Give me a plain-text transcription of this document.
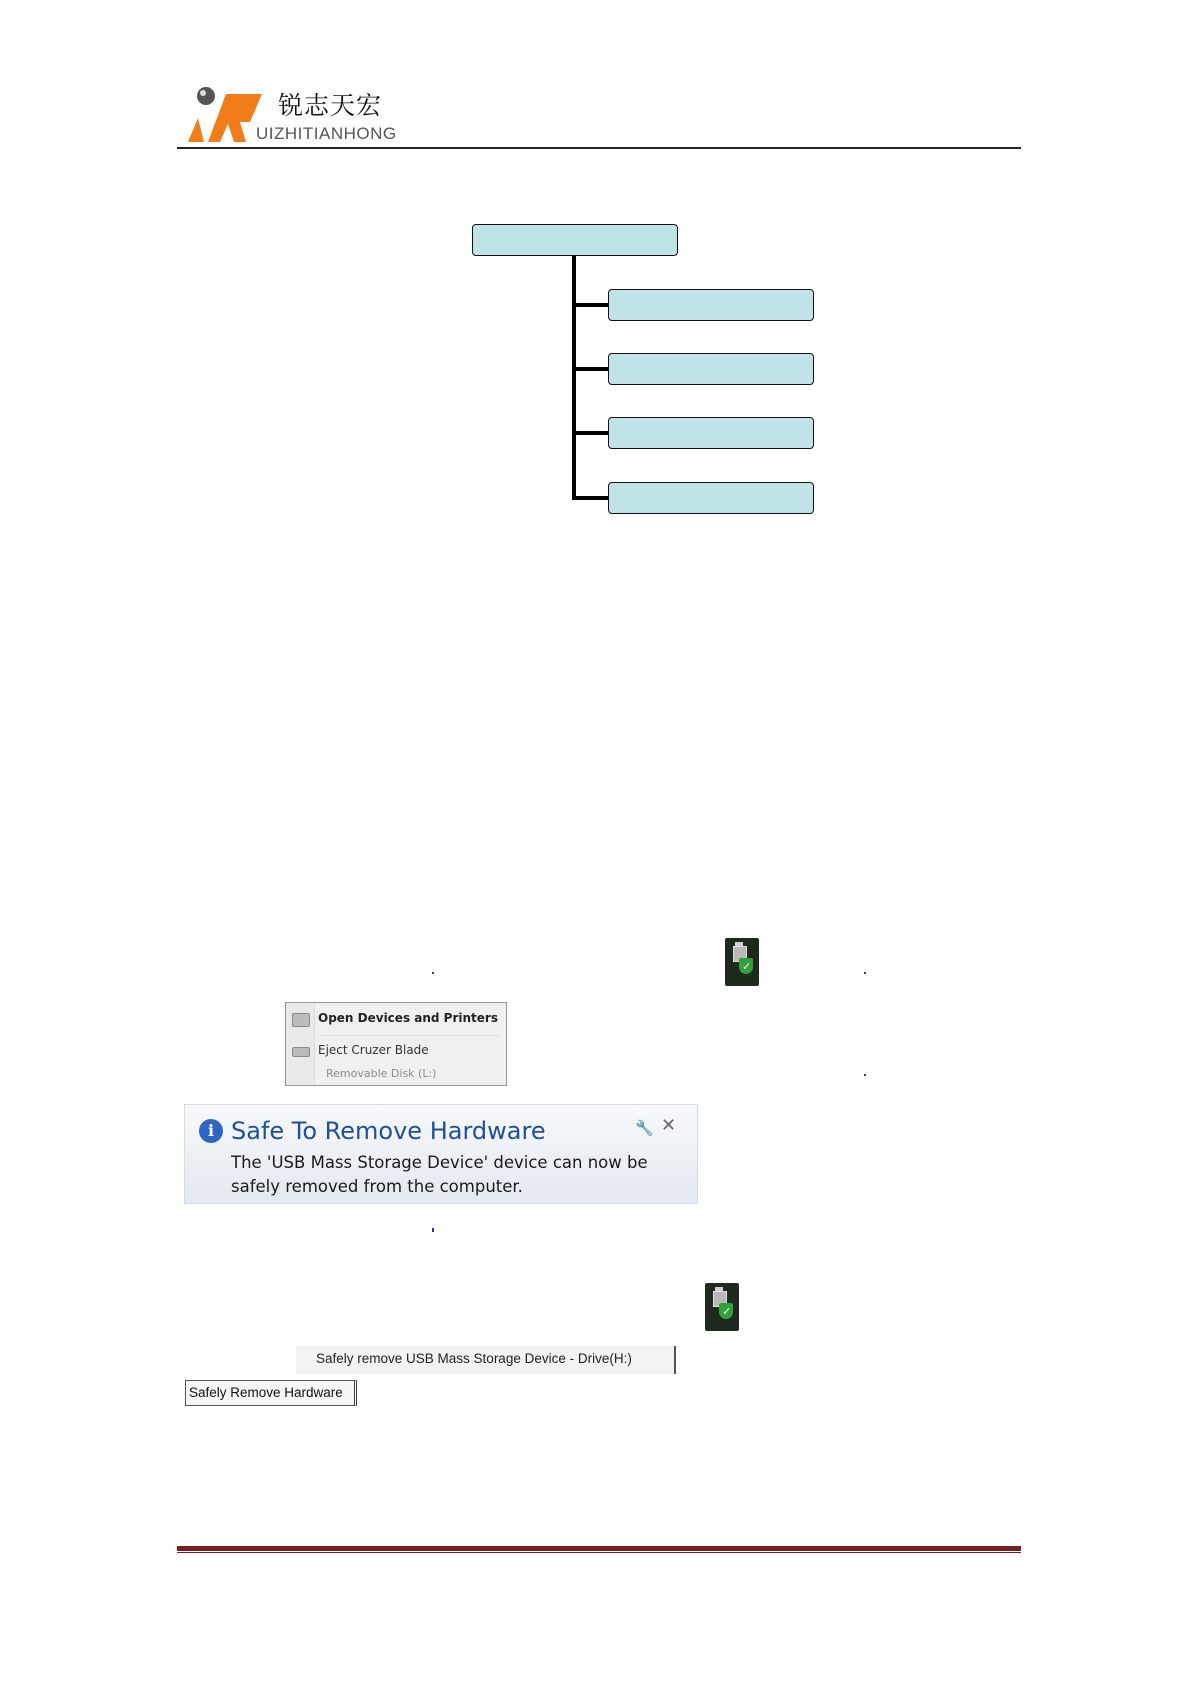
锐志天宏
UIZHITIANHONG
✓
Open Devices and Printers
Eject Cruzer Blade
Removable Disk (L:)
i Safe To Remove Hardware	🔧 ✕
The 'USB Mass Storage Device' device can now be safely removed from the computer.
✓
Safely remove USB Mass Storage Device - Drive(H:)
Safely Remove Hardware
